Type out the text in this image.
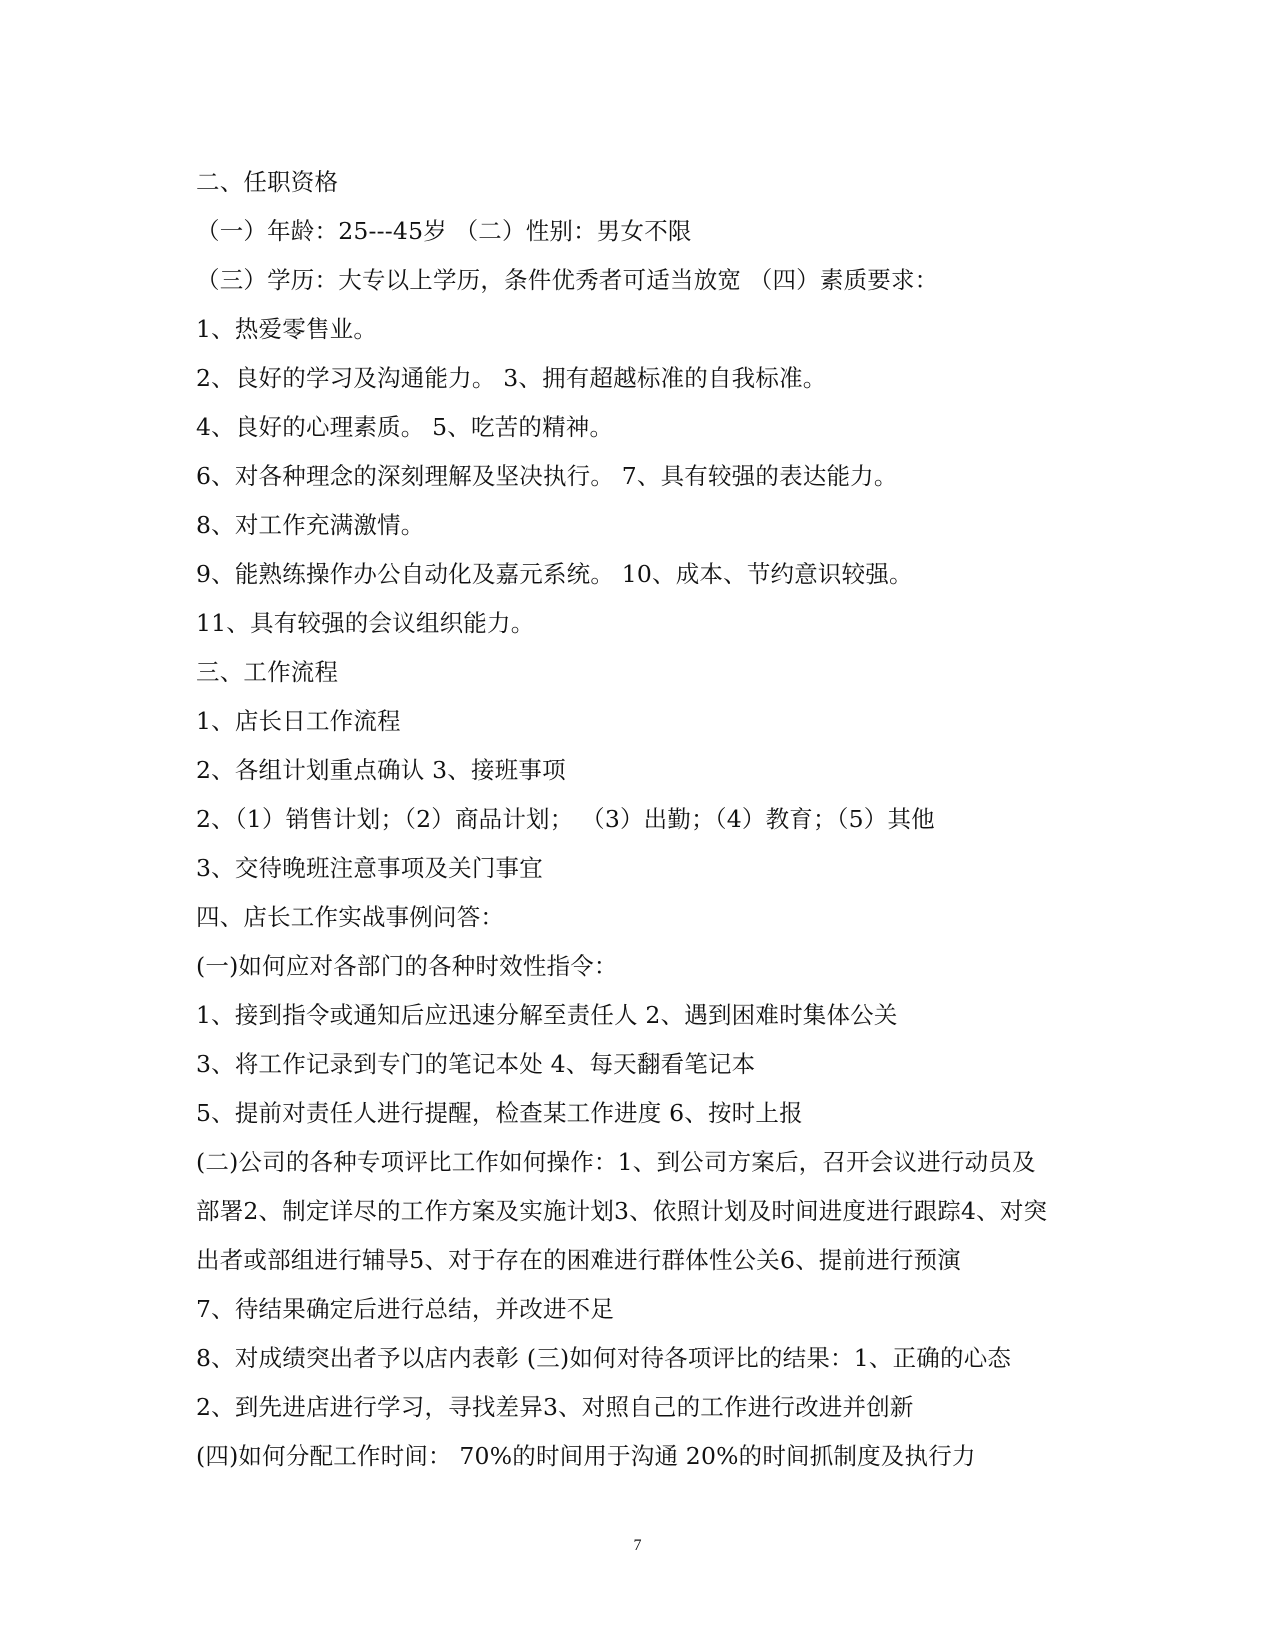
二、任职资格
（一）年龄：25---45岁 （二）性别：男女不限
（三）学历：大专以上学历，条件优秀者可适当放宽 （四）素质要求：
1、热爱零售业。
2、良好的学习及沟通能力。 3、拥有超越标准的自我标准。
4、良好的心理素质。 5、吃苦的精神。
6、对各种理念的深刻理解及坚决执行。 7、具有较强的表达能力。
8、对工作充满激情。
9、能熟练操作办公自动化及嘉元系统。 10、成本、节约意识较强。
11、具有较强的会议组织能力。
三、工作流程
1、店长日工作流程
2、各组计划重点确认 3、接班事项
2、（1）销售计划；（2）商品计划； （3）出勤；（4）教育；（5）其他
3、交待晚班注意事项及关门事宜
四、店长工作实战事例问答：
(一)如何应对各部门的各种时效性指令：
1、接到指令或通知后应迅速分解至责任人 2、遇到困难时集体公关
3、将工作记录到专门的笔记本处 4、每天翻看笔记本
5、提前对责任人进行提醒，检查某工作进度 6、按时上报
(二)公司的各种专项评比工作如何操作：1、到公司方案后，召开会议进行动员及
部署2、制定详尽的工作方案及实施计划3、依照计划及时间进度进行跟踪4、对突
出者或部组进行辅导5、对于存在的困难进行群体性公关6、提前进行预演
7、待结果确定后进行总结，并改进不足
8、对成绩突出者予以店内表彰 (三)如何对待各项评比的结果：1、正确的心态
2、到先进店进行学习，寻找差异3、对照自己的工作进行改进并创新
(四)如何分配工作时间： 70%的时间用于沟通 20%的时间抓制度及执行力
7
